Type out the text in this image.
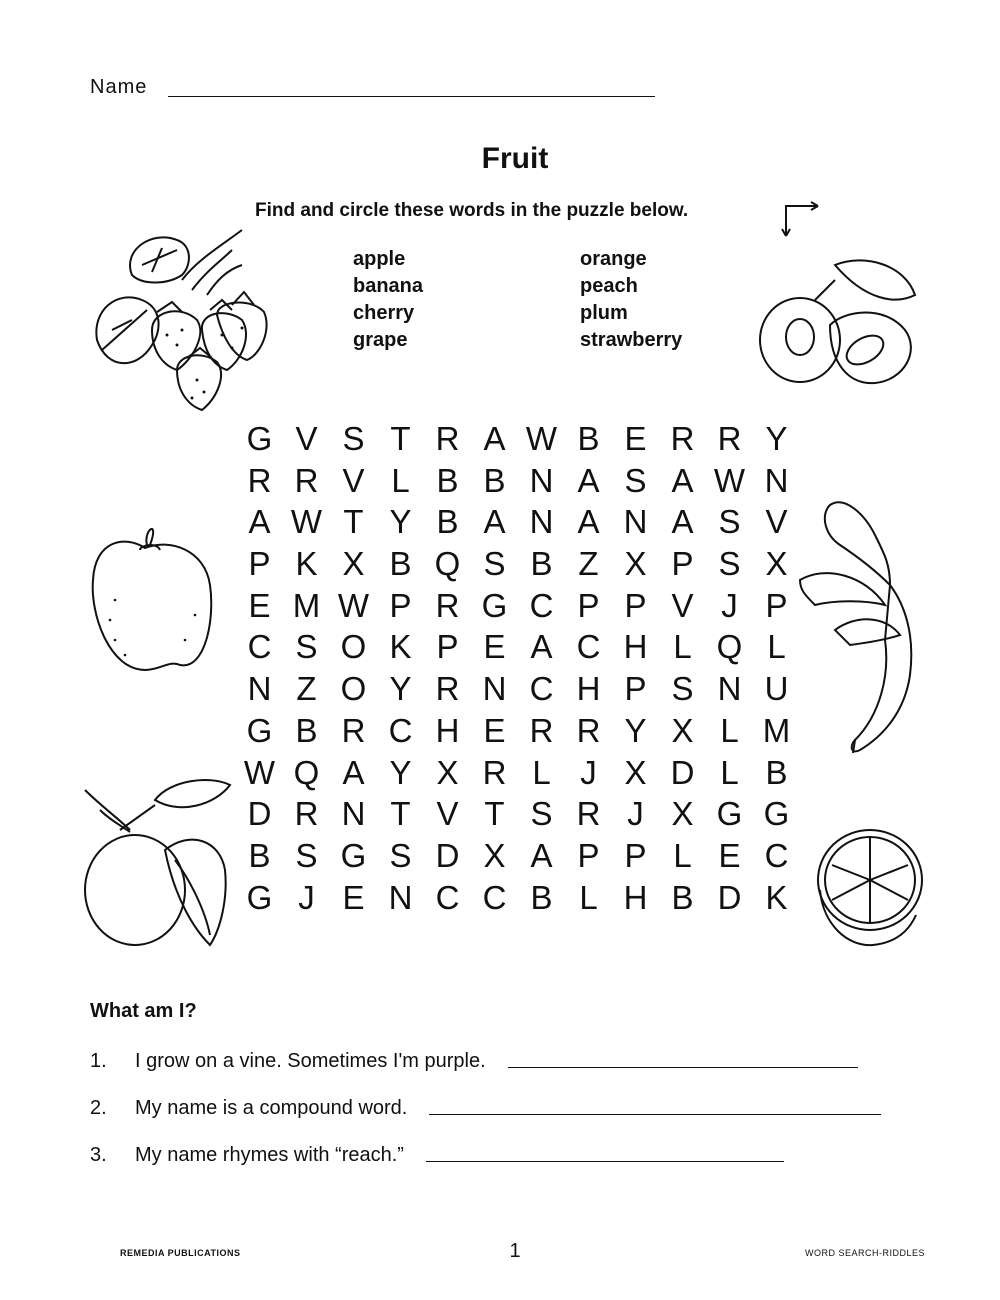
Name
Fruit
Find and circle these words in the puzzle below.
apple
banana
cherry
grape
orange
peach
plum
strawberry
G V S T R A W B E R R Y
R R V L B B N A S A W N
A W T Y B A N A N A S V
P K X B Q S B Z X P S X
E M W P R G C P P V J P
C S O K P E A C H L Q L
N Z O Y R N C H P S N U
G B R C H E R R Y X L M
W Q A Y X R L J X D L B
D R N T V T S R J X G G
B S G S D X A P P L E C
G J E N C C B L H B D K
What am I?
1.	I grow on a vine. Sometimes I'm purple.
2.	My name is a compound word.
3.	My name rhymes with “reach.”
REMEDIA PUBLICATIONS	1	WORD SEARCH-RIDDLES
